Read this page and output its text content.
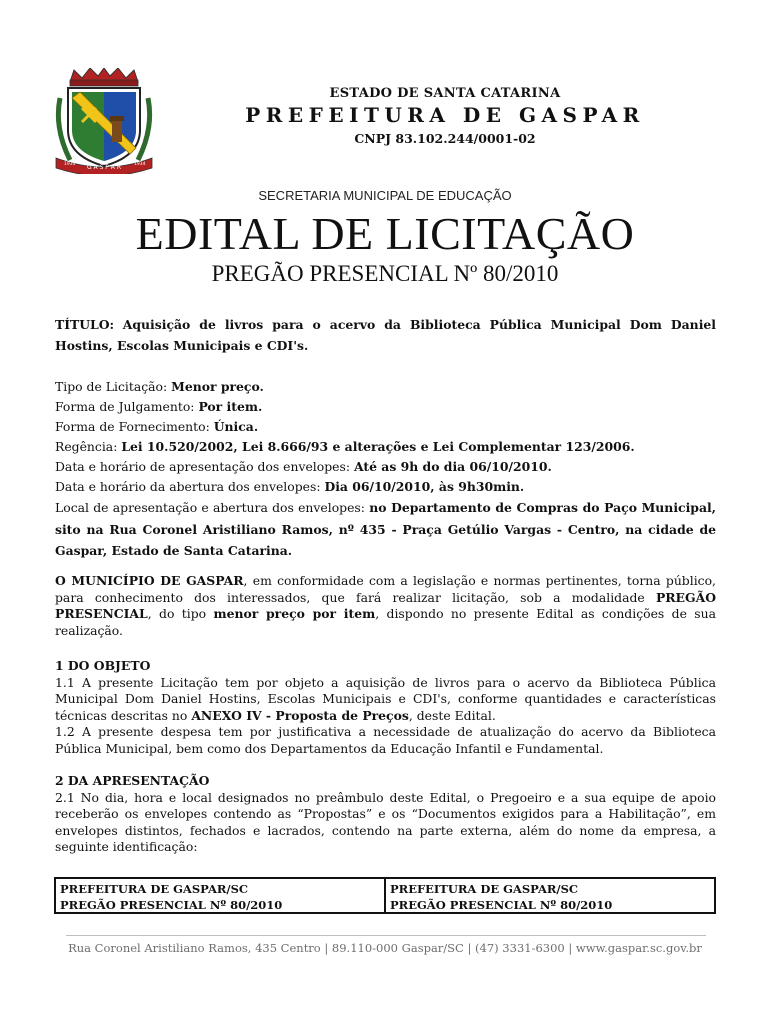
G A S P A R
1934	1934

ESTADO DE SANTA CATARINA

PREFEITURA DE GASPAR

CNPJ 83.102.244/0001-02

SECRETARIA MUNICIPAL DE EDUCAÇÃO

EDITAL DE LICITAÇÃO
PREGÃO PRESENCIAL Nº 80/2010

TÍTULO: Aquisição de livros para o acervo da Biblioteca Pública Municipal Dom Daniel Hostins, Escolas Municipais e CDI's.

Tipo de Licitação: Menor preço.
Forma de Julgamento: Por item.
Forma de Fornecimento: Única.
Regência: Lei 10.520/2002, Lei 8.666/93 e alterações e Lei Complementar 123/2006.
Data e horário de apresentação dos envelopes: Até as 9h do dia 06/10/2010.
Data e horário da abertura dos envelopes: Dia 06/10/2010, às 9h30min.

Local de apresentação e abertura dos envelopes: no Departamento de Compras do Paço Municipal, sito na Rua Coronel Aristiliano Ramos, nº 435 - Praça Getúlio Vargas - Centro, na cidade de Gaspar, Estado de Santa Catarina.

O MUNICÍPIO DE GASPAR, em conformidade com a legislação e normas pertinentes, torna público, para conhecimento dos interessados, que fará realizar licitação, sob a modalidade PREGÃO PRESENCIAL, do tipo menor preço por item, dispondo no presente Edital as condições de sua realização.

1 DO OBJETO

1.1 A presente Licitação tem por objeto a aquisição de livros para o acervo da Biblioteca Pública Municipal Dom Daniel Hostins, Escolas Municipais e CDI's, conforme quantidades e características técnicas descritas no ANEXO IV - Proposta de Preços, deste Edital.

1.2 A presente despesa tem por justificativa a necessidade de atualização do acervo da Biblioteca Pública Municipal, bem como dos Departamentos da Educação Infantil e Fundamental.

2 DA APRESENTAÇÃO

2.1 No dia, hora e local designados no preâmbulo deste Edital, o Pregoeiro e a sua equipe de apoio receberão os envelopes contendo as “Propostas” e os “Documentos exigidos para a Habilitação”, em envelopes distintos, fechados e lacrados, contendo na parte externa, além do nome da empresa, a seguinte identificação:

PREFEITURA DE GASPAR/SC
PREGÃO PRESENCIAL Nº 80/2010
PREFEITURA DE GASPAR/SC
PREGÃO PRESENCIAL Nº 80/2010

Rua Coronel Aristiliano Ramos, 435 Centro | 89.110-000 Gaspar/SC | (47) 3331-6300 | www.gaspar.sc.gov.br
